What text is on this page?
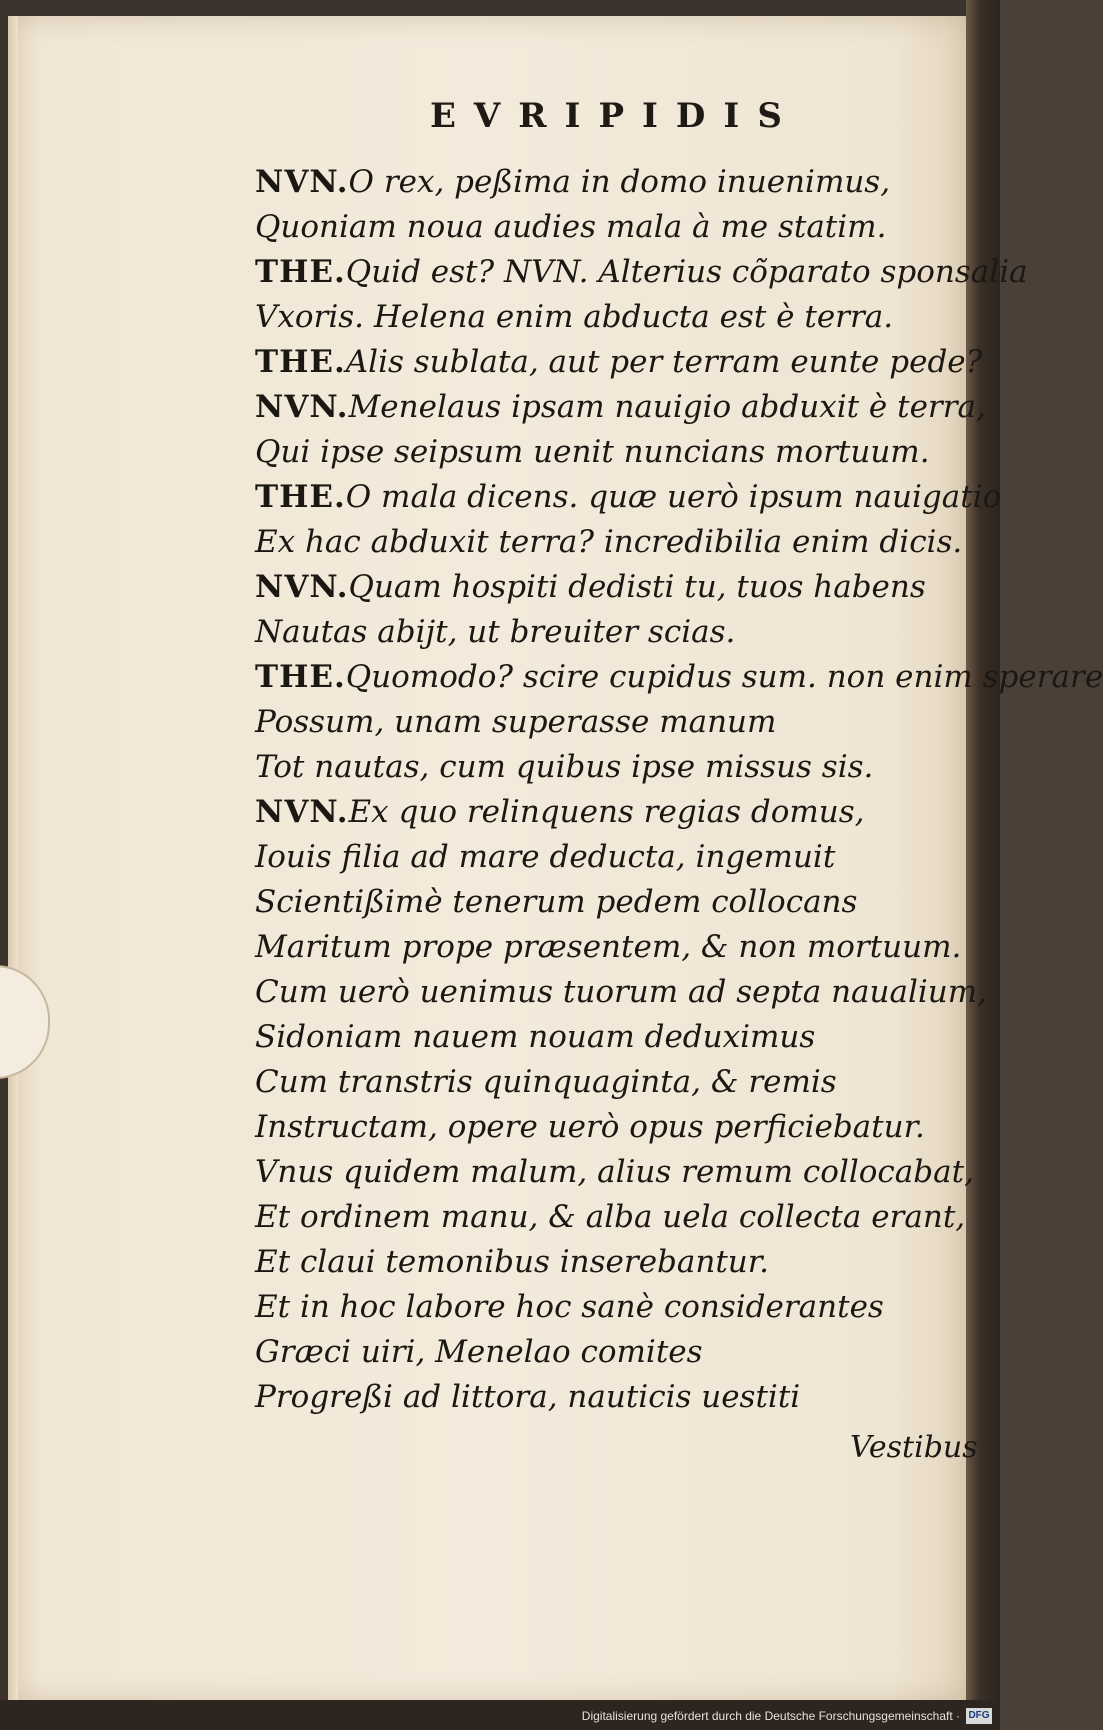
EVRIPIDIS
NVN.O rex, peßima in domo inuenimus,
Quoniam noua audies mala à me statim.
THE.Quid est? NVN. Alterius cõparato sponsalia
Vxoris. Helena enim abducta est è terra.
THE.Alis sublata, aut per terram eunte pede?
NVN.Menelaus ipsam nauigio abduxit è terra,
Qui ipse seipsum uenit nuncians mortuum.
THE.O mala dicens. quæ uerò ipsum nauigatio
Ex hac abduxit terra? incredibilia enim dicis.
NVN.Quam hospiti dedisti tu, tuos habens
Nautas abijt, ut breuiter scias.
THE.Quomodo? scire cupidus sum. non enim sperare
Possum, unam superasse manum
Tot nautas, cum quibus ipse missus sis.
NVN.Ex quo relinquens regias domus,
Iouis filia ad mare deducta, ingemuit
Scientißimè tenerum pedem collocans
Maritum prope præsentem, & non mortuum.
Cum uerò uenimus tuorum ad septa naualium,
Sidoniam nauem nouam deduximus
Cum transtris quinquaginta, & remis
Instructam, opere uerò opus perficiebatur.
Vnus quidem malum, alius remum collocabat,
Et ordinem manu, & alba uela collecta erant,
Et claui temonibus inserebantur.
Et in hoc labore hoc sanè considerantes
Græci uiri, Menelao comites
Progreßi ad littora, nauticis uestiti
Vestibus
Digitalisierung gefördert durch die Deutsche Forschungsgemeinschaft · DFG
